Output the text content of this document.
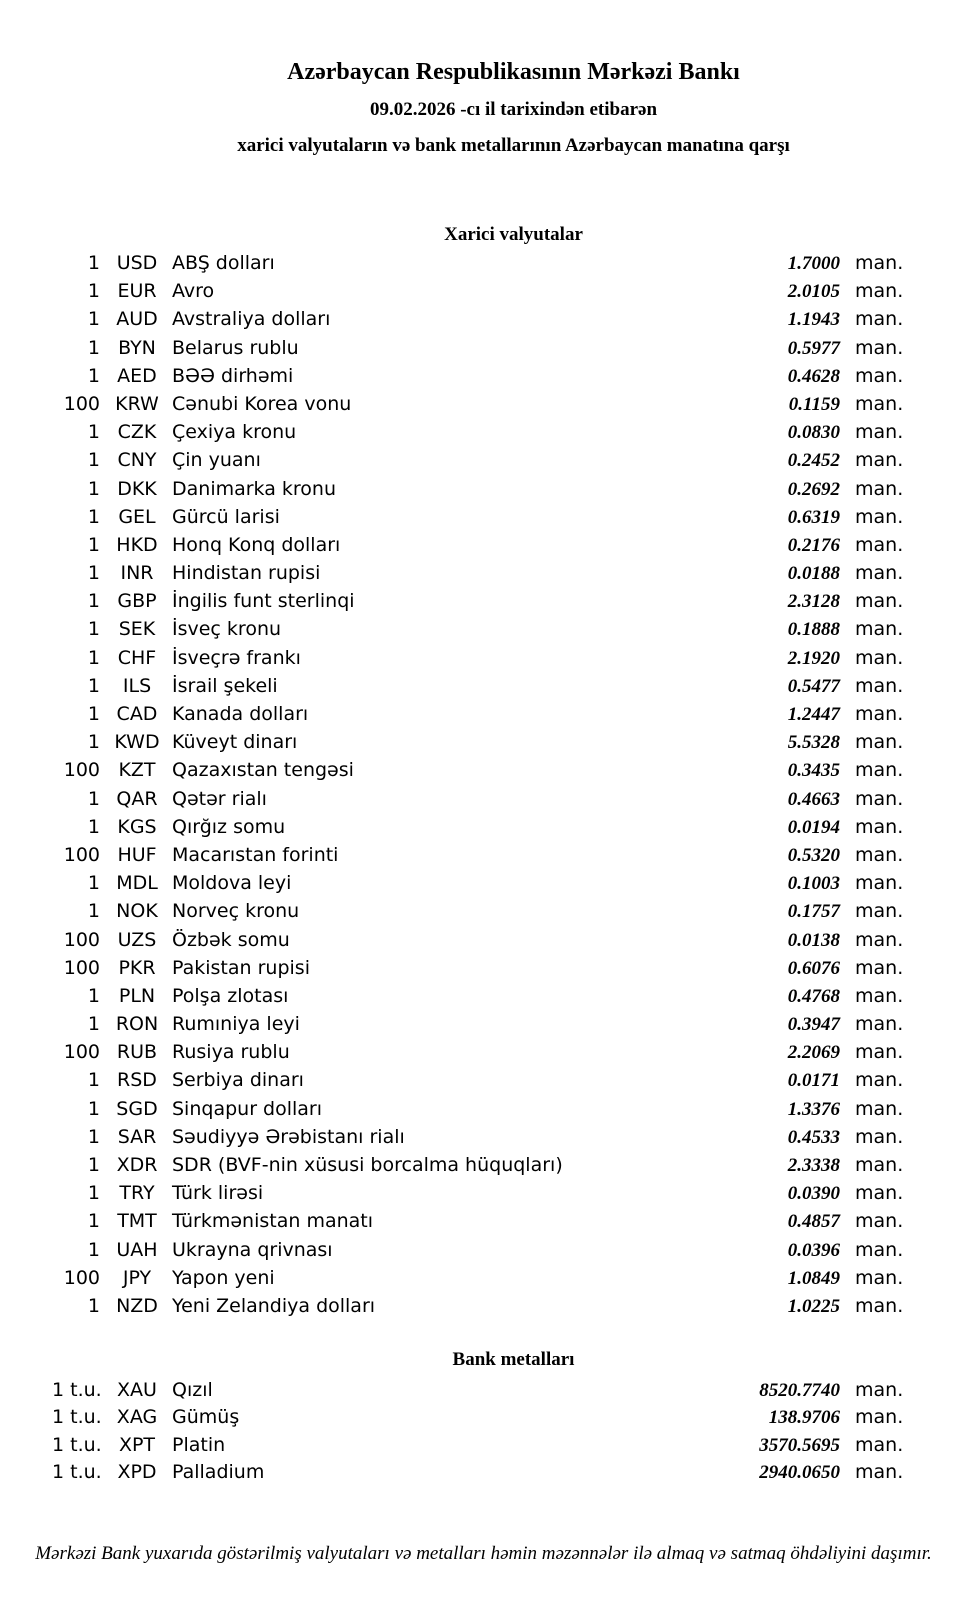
Azərbaycan Respublikasının Mərkəzi Bankı
09.02.2026 -cı il tarixindən etibarən
xarici valyutaların və bank metallarının Azərbaycan manatına qarşı
Xarici valyutalar
1 USD ABŞ dolları	1.7000 man.
1 EUR Avro	2.0105 man.
1 AUD Avstraliya dolları	1.1943 man.
1 BYN Belarus rublu	0.5977 man.
1 AED BƏƏ dirhəmi	0.4628 man.
100 KRW Cənubi Korea vonu	0.1159 man.
1 CZK Çexiya kronu	0.0830 man.
1 CNY Çin yuanı	0.2452 man.
1 DKK Danimarka kronu	0.2692 man.
1 GEL Gürcü larisi	0.6319 man.
1 HKD Honq Konq dolları	0.2176 man.
1	INR Hindistan rupisi	0.0188 man.
1 GBP İngilis funt sterlinqi	2.3128 man.
1 SEK İsveç kronu	0.1888 man.
1 CHF İsveçrə frankı	2.1920 man.
1	ILS	İsrail şekeli	0.5477 man.
1 CAD Kanada dolları	1.2447 man.
1 KWD Küveyt dinarı	5.5328 man.
100 KZT Qazaxıstan tengəsi	0.3435 man.
1 QAR Qətər rialı	0.4663 man.
1 KGS Qırğız somu	0.0194 man.
100 HUF Macarıstan forinti	0.5320 man.
1 MDL Moldova leyi	0.1003 man.
1 NOK Norveç kronu	0.1757 man.
100 UZS Özbək somu	0.0138 man.
100 PKR Pakistan rupisi	0.6076 man.
1 PLN Polşa zlotası	0.4768 man.
1 RON Rumıniya leyi	0.3947 man.
100 RUB Rusiya rublu	2.2069 man.
1 RSD Serbiya dinarı	0.0171 man.
1 SGD Sinqapur dolları	1.3376 man.
1 SAR Səudiyyə Ərəbistanı rialı	0.4533 man.
1 XDR SDR (BVF-nin xüsusi borcalma hüquqları)	2.3338 man.
1	TRY Türk lirəsi	0.0390 man.
1 TMT Türkmənistan manatı	0.4857 man.
1 UAH Ukrayna qrivnası	0.0396 man.
100	JPY	Yapon yeni	1.0849 man.
1 NZD Yeni Zelandiya dolları	1.0225 man.
Bank metalları
1 t.u. XAU Qızıl	8520.7740 man.
1 t.u. XAG Gümüş	138.9706 man.
1 t.u. XPT Platin	3570.5695 man.
1 t.u. XPD Palladium	2940.0650 man.
Mərkəzi Bank yuxarıda göstərilmiş valyutaları və metalları həmin məzənnələr ilə almaq və satmaq öhdəliyini daşımır.
